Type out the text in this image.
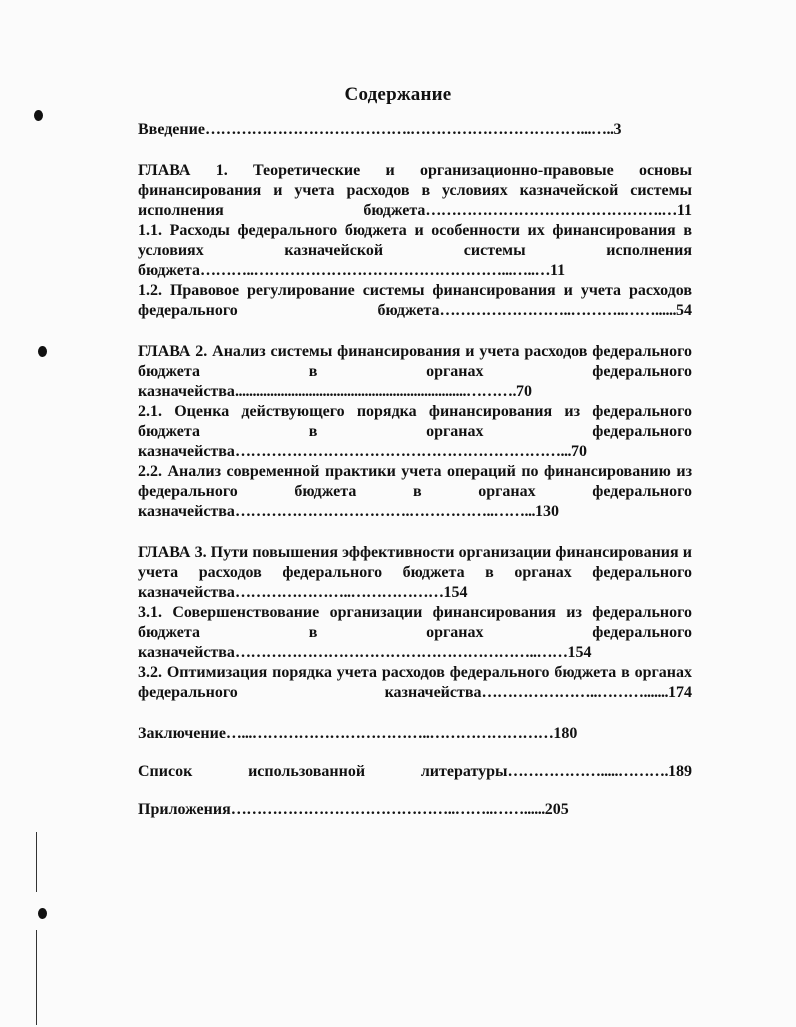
Содержание
Введение………………………………….……………………………...…..3
ГЛАВА 1. Теоретические и организационно-правовые основы финансирования и учета расходов в условиях казначейской системы исполнения бюджета……………………………………….…11
1.1. Расходы федерального бюджета и особенности их финансирования в условиях казначейской системы исполнения бюджета………..…………………………………………...…..…11
1.2. Правовое регулирование системы финансирования и учета расходов федерального бюджета……………………..………..……......54
ГЛАВА 2. Анализ системы финансирования и учета расходов федерального бюджета в органах федерального казначейства..................................................................……….70
2.1. Оценка действующего порядка финансирования из федерального бюджета в органах федерального казначейства………………………………………………………...70
2.2. Анализ современной практики учета операций по финансированию из федерального бюджета в органах федерального казначейства…………………………….……………..……...130
ГЛАВА 3. Пути повышения эффективности организации финансирования и учета расходов федерального бюджета в органах федерального казначейства…………………..………………154
3.1. Совершенствование организации финансирования из федерального бюджета в органах федерального казначейства…………………………………………………..……154
3.2. Оптимизация порядка учета расходов федерального бюджета в органах федерального казначейства…………………..……….......174
Заключение…...……………………………..……………………180
Список использованной литературы……………….....……….189
Приложения……………………………………..……..……......205
